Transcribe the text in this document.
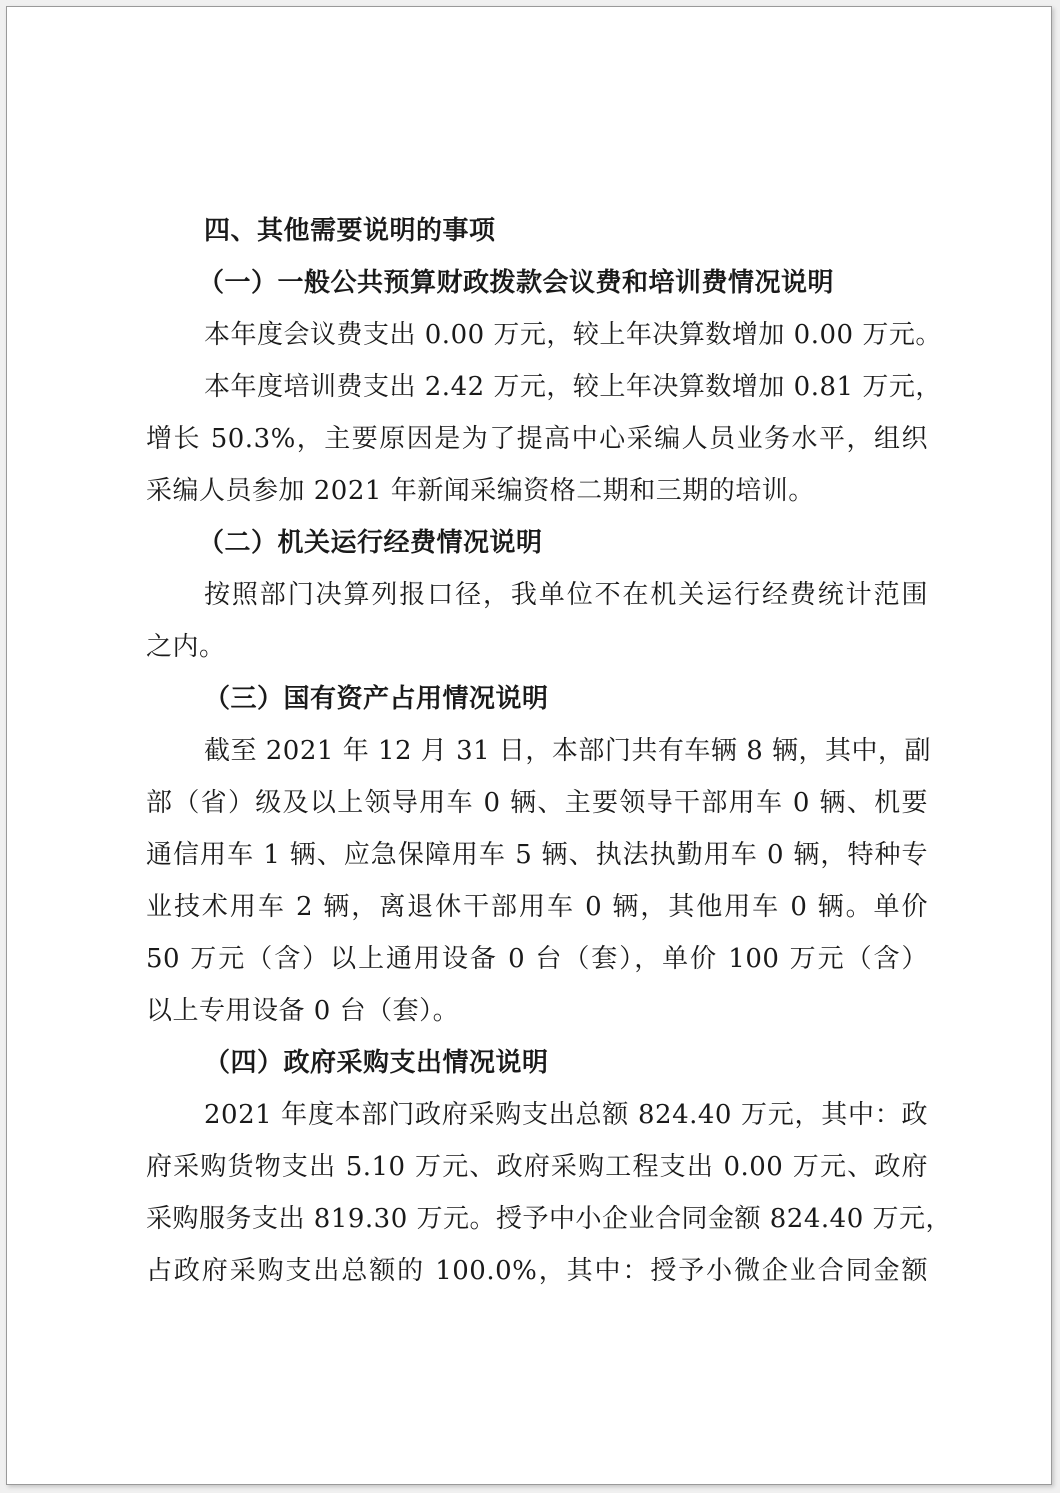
四、其他需要说明的事项
（一）一般公共预算财政拨款会议费和培训费情况说明
本年度会议费支出 0.00 万元，较上年决算数增加 0.00 万元。
本年度培训费支出 2.42 万元，较上年决算数增加 0.81 万元，
增长 50.3%，主要原因是为了提高中心采编人员业务水平，组织
采编人员参加 2021 年新闻采编资格二期和三期的培训。
（二）机关运行经费情况说明
按照部门决算列报口径，我单位不在机关运行经费统计范围
之内。
（三）国有资产占用情况说明
截至 2021 年 12 月 31 日，本部门共有车辆 8 辆，其中，副
部（省）级及以上领导用车 0 辆、主要领导干部用车 0 辆、机要
通信用车 1 辆、应急保障用车 5 辆、执法执勤用车 0 辆，特种专
业技术用车 2 辆，离退休干部用车 0 辆，其他用车 0 辆。单价
50 万元（含）以上通用设备 0 台（套），单价 100 万元（含）
以上专用设备 0 台（套）。
（四）政府采购支出情况说明
2021 年度本部门政府采购支出总额 824.40 万元，其中：政
府采购货物支出 5.10 万元、政府采购工程支出 0.00 万元、政府
采购服务支出 819.30 万元。授予中小企业合同金额 824.40 万元，
占政府采购支出总额的 100.0%，其中：授予小微企业合同金额
